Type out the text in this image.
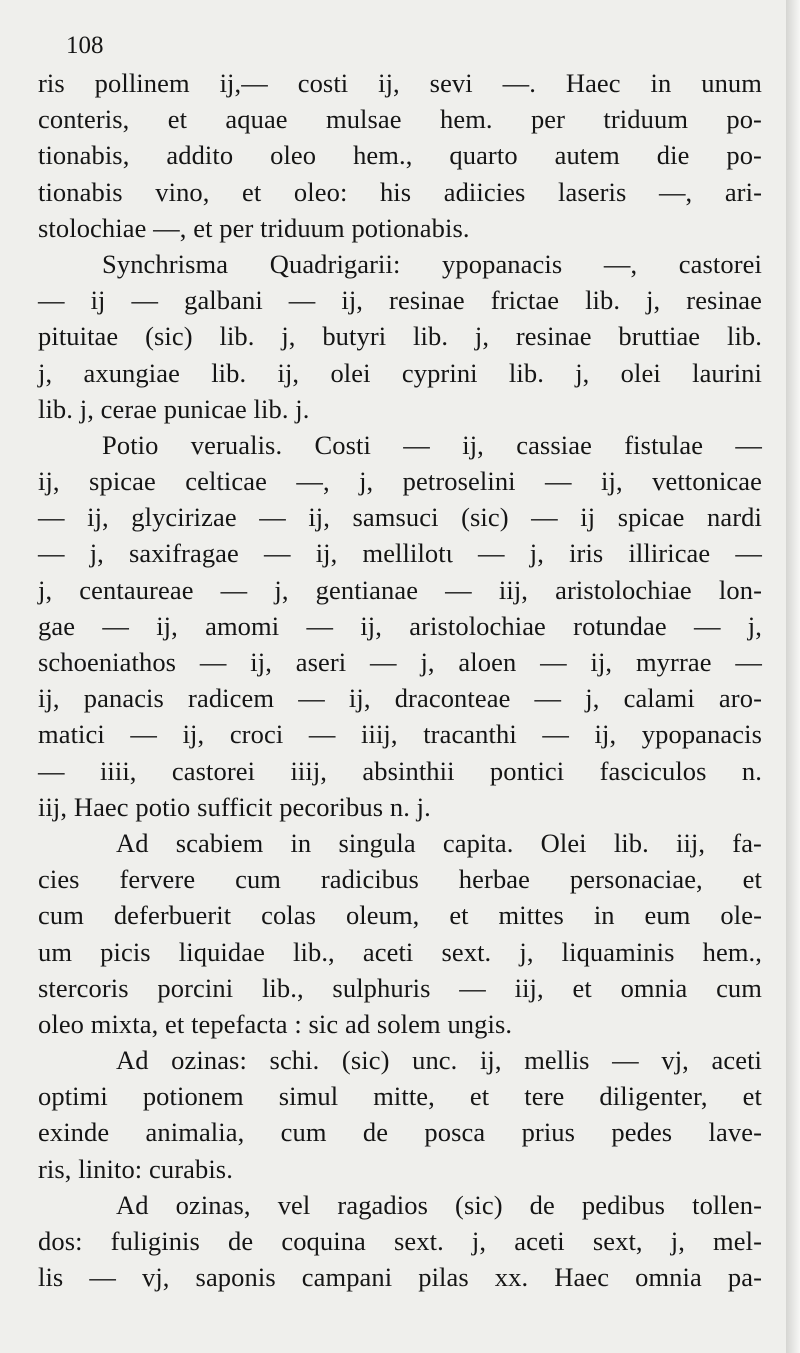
108
ris pollinem ij,— costi ij, sevi —. Haec in unum
conteris, et aquae mulsae hem. per triduum po-
tionabis, addito oleo hem., quarto autem die po-
tionabis vino, et oleo: his adiicies laseris —, ari-
stolochiae —, et per triduum potionabis.
Synchrisma Quadrigarii: ypopanacis —, castorei
— ij — galbani — ij, resinae frictae lib. j, resinae
pituitae (sic) lib. j, butyri lib. j, resinae bruttiae lib.
j, axungiae lib. ij, olei cyprini lib. j, olei laurini
lib. j, cerae punicae lib. j.
Potio verualis. Costi — ij, cassiae fistulae —
ij, spicae celticae —, j, petroselini — ij, vettonicae
— ij, glycirizae — ij, samsuci (sic) — ij spicae nardi
— j, saxifragae — ij, mellilotι — j, iris illiricae —
j, centaureae — j, gentianae — iij, aristolochiae lon-
gae — ij, amomi — ij, aristolochiae rotundae — j,
schoeniathos — ij, aseri — j, aloen — ij, myrrae —
ij, panacis radicem — ij, draconteae — j, calami aro-
matici — ij, croci — iiij, tracanthi — ij, ypopanacis
— iiii, castorei iiij, absinthii pontici fasciculos n.
iij, Haec potio sufficit pecoribus n. j.
Ad scabiem in singula capita. Olei lib. iij, fa-
cies fervere cum radicibus herbae personaciae, et
cum deferbuerit colas oleum, et mittes in eum ole-
um picis liquidae lib., aceti sext. j, liquaminis hem.,
stercoris porcini lib., sulphuris — iij, et omnia cum
oleo mixta, et tepefacta : sic ad solem ungis.
Ad ozinas: schi. (sic) unc. ij, mellis — vj, aceti
optimi potionem simul mitte, et tere diligenter, et
exinde animalia, cum de posca prius pedes lave-
ris, linito: curabis.
Ad ozinas, vel ragadios (sic) de pedibus tollen-
dos: fuliginis de coquina sext. j, aceti sext, j, mel-
lis — vj, saponis campani pilas xx. Haec omnia pa-
